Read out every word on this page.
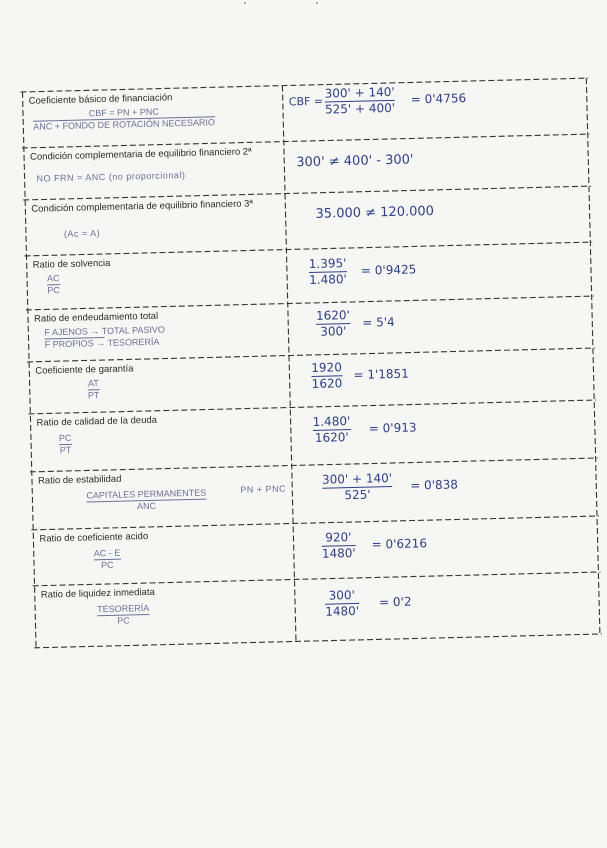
Coeficiente básico de financiación
CBF = PN + PNC
ANC + FONDO DE ROTACIÓN NECESARIO
CBF =
300' + 140'
525' + 400'
= 0'4756
Condición complementaria de equilibrio financiero 2ª
NO FRN = ANC (no proporcional)
300' ≠ 400' - 300'
Condición complementaria de equilibrio financiero 3ª
(Ac = A)
35.000 ≠ 120.000
Ratio de solvencia
AC
PC
1.395'
1.480'
= 0'9425
Ratio de endeudamiento total
F AJENOS → TOTAL PASIVO
F PROPIOS → TESORERÍA
1620'
300'
= 5'4
Coeficiente de garantía
AT
PT
1920
1620
= 1'1851
Ratio de calidad de la deuda
PC
PT
1.480'
1620'
= 0'913
Ratio de estabilidad
CAPITALES PERMANENTES
ANC
PN + PNC
300' + 140'
525'
= 0'838
Ratio de coeficiente acido
AC - E
PC
920'
1480'
= 0'6216
Ratio de liquidez inmediata
TESORERÍA
PC
300'
1480'
= 0'2
